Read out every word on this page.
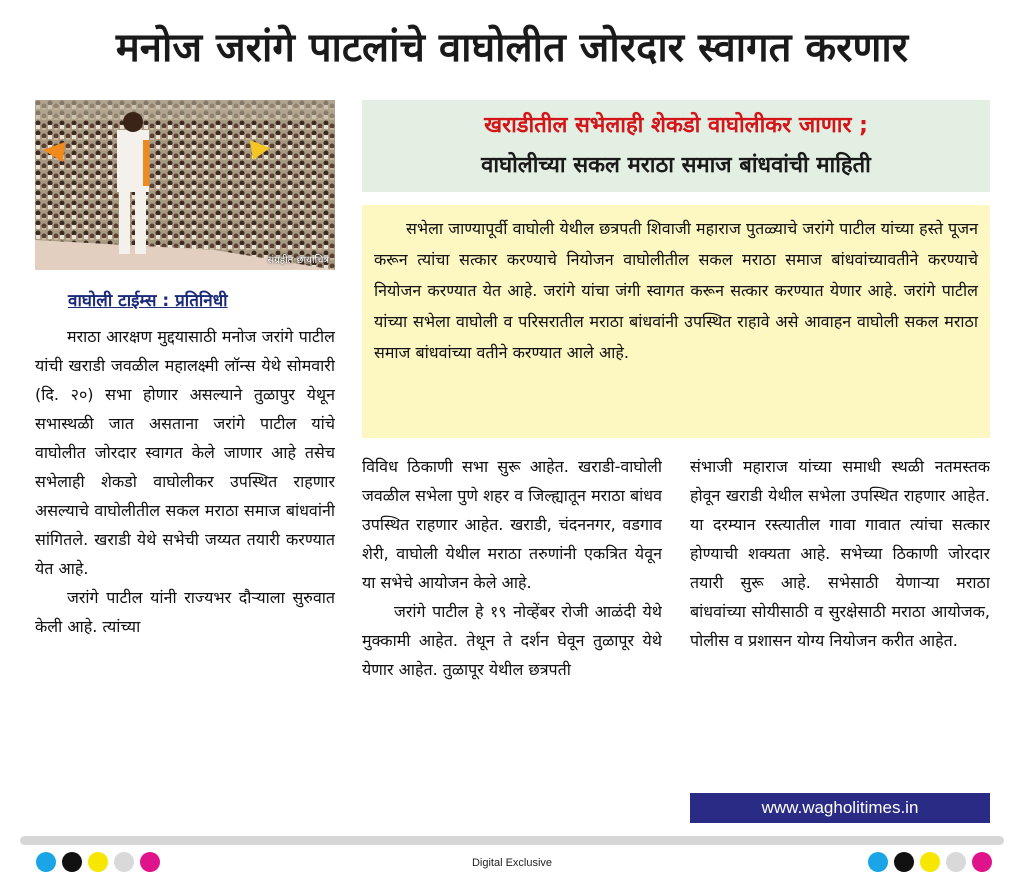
मनोज जरांगे पाटलांचे वाघोलीत जोरदार स्वागत करणार
संग्रहीत छायाचित्र
वाघोली टाईम्स : प्रतिनिधी

मराठा आरक्षण मुद्दयासाठी मनोज जरांगे पाटील यांची खराडी जवळील महालक्ष्मी लॉन्स येथे सोमवारी (दि. २०) सभा होणार असल्याने तुळापुर येथून सभास्थळी जात असताना जरांगे पाटील यांचे वाघोलीत जोरदार स्वागत केले जाणार आहे तसेच सभेलाही शेकडो वाघोलीकर उपस्थित राहणार असल्याचे वाघोलीतील सकल मराठा समाज बांधवांनी सांगितले. खराडी येथे सभेची जय्यत तयारी करण्यात येत आहे.

जरांगे पाटील यांनी राज्यभर दौऱ्याला सुरुवात केली आहे. त्यांच्या

खराडीतील सभेलाही शेकडो वाघोलीकर जाणार ;
वाघोलीच्या सकल मराठा समाज बांधवांची माहिती

सभेला जाण्यापूर्वी वाघोली येथील छत्रपती शिवाजी महाराज पुतळ्याचे जरांगे पाटील यांच्या हस्ते पूजन करून त्यांचा सत्कार करण्याचे नियोजन वाघोलीतील सकल मराठा समाज बांधवांच्यावतीने करण्याचे नियोजन करण्यात येत आहे. जरांगे यांचा जंगी स्वागत करून सत्कार करण्यात येणार आहे. जरांगे पाटील यांच्या सभेला वाघोली व परिसरातील मराठा बांधवांनी उपस्थित राहावे असे आवाहन वाघोली सकल मराठा समाज बांधवांच्या वतीने करण्यात आले आहे.

विविध ठिकाणी सभा सुरू आहेत. खराडी-वाघोली जवळील सभेला पुणे शहर व जिल्ह्यातून मराठा बांधव उपस्थित राहणार आहेत. खराडी, चंदननगर, वडगाव शेरी, वाघोली येथील मराठा तरुणांनी एकत्रित येवून या सभेचे आयोजन केले आहे.

जरांगे पाटील हे १९ नोव्हेंबर रोजी आळंदी येथे मुक्कामी आहेत. तेथून ते दर्शन घेवून तुळापूर येथे येणार आहेत. तुळापूर येथील छत्रपती

संभाजी महाराज यांच्या समाधी स्थळी नतमस्तक होवून खराडी येथील सभेला उपस्थित राहणार आहेत. या दरम्यान रस्त्यातील गावा गावात त्यांचा सत्कार होण्याची शक्यता आहे. सभेच्या ठिकाणी जोरदार तयारी सुरू आहे. सभेसाठी येणाऱ्या मराठा बांधवांच्या सोयीसाठी व सुरक्षेसाठी मराठा आयोजक, पोलीस व प्रशासन योग्य नियोजन करीत आहेत.

www.wagholitimes.in
Digital Exclusive
